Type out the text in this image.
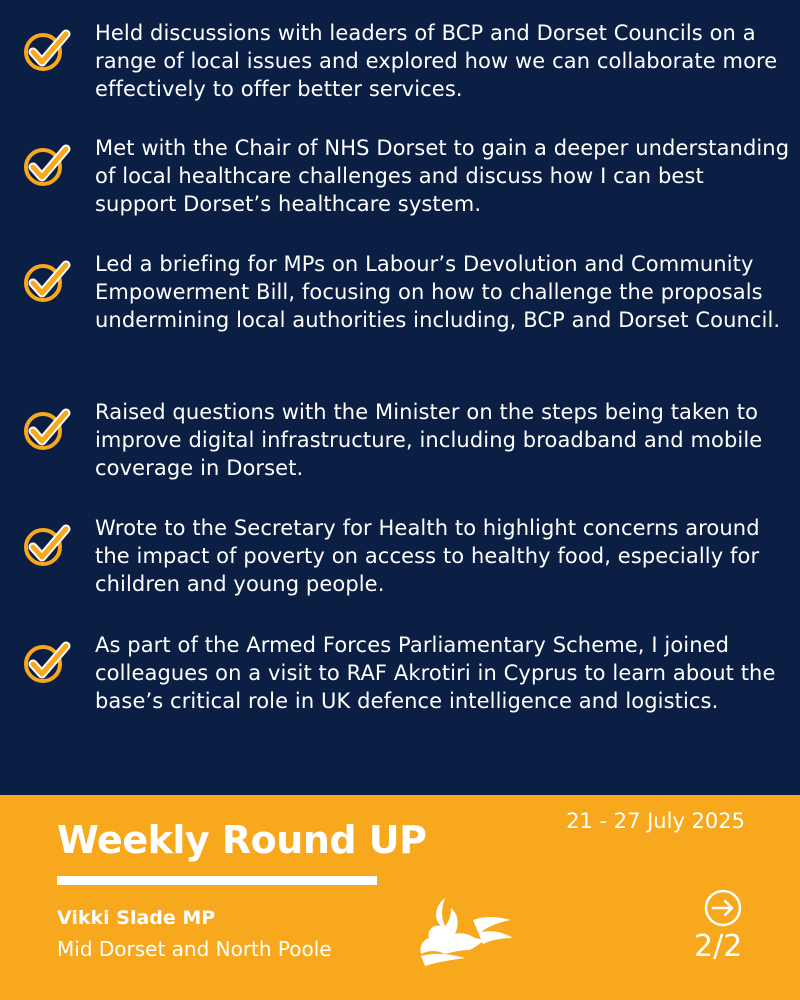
Held discussions with leaders of BCP and Dorset Councils on a range of local issues and explored how we can collaborate more effectively to offer better services.

Met with the Chair of NHS Dorset to gain a deeper understanding of local healthcare challenges and discuss how I can best support Dorset’s healthcare system.

Led a briefing for MPs on Labour’s Devolution and Community Empowerment Bill, focusing on how to challenge the proposals undermining local authorities including, BCP and Dorset Council.

Raised questions with the Minister on the steps being taken to improve digital infrastructure, including broadband and mobile coverage in Dorset.

Wrote to the Secretary for Health to highlight concerns around the impact of poverty on access to healthy food, especially for children and young people.

As part of the Armed Forces Parliamentary Scheme, I joined colleagues on a visit to RAF Akrotiri in Cyprus to learn about the base’s critical role in UK defence intelligence and logistics.

21 - 27 July 2025

Weekly Round UP

Vikki Slade MP

Mid Dorset and North Poole	2/2
